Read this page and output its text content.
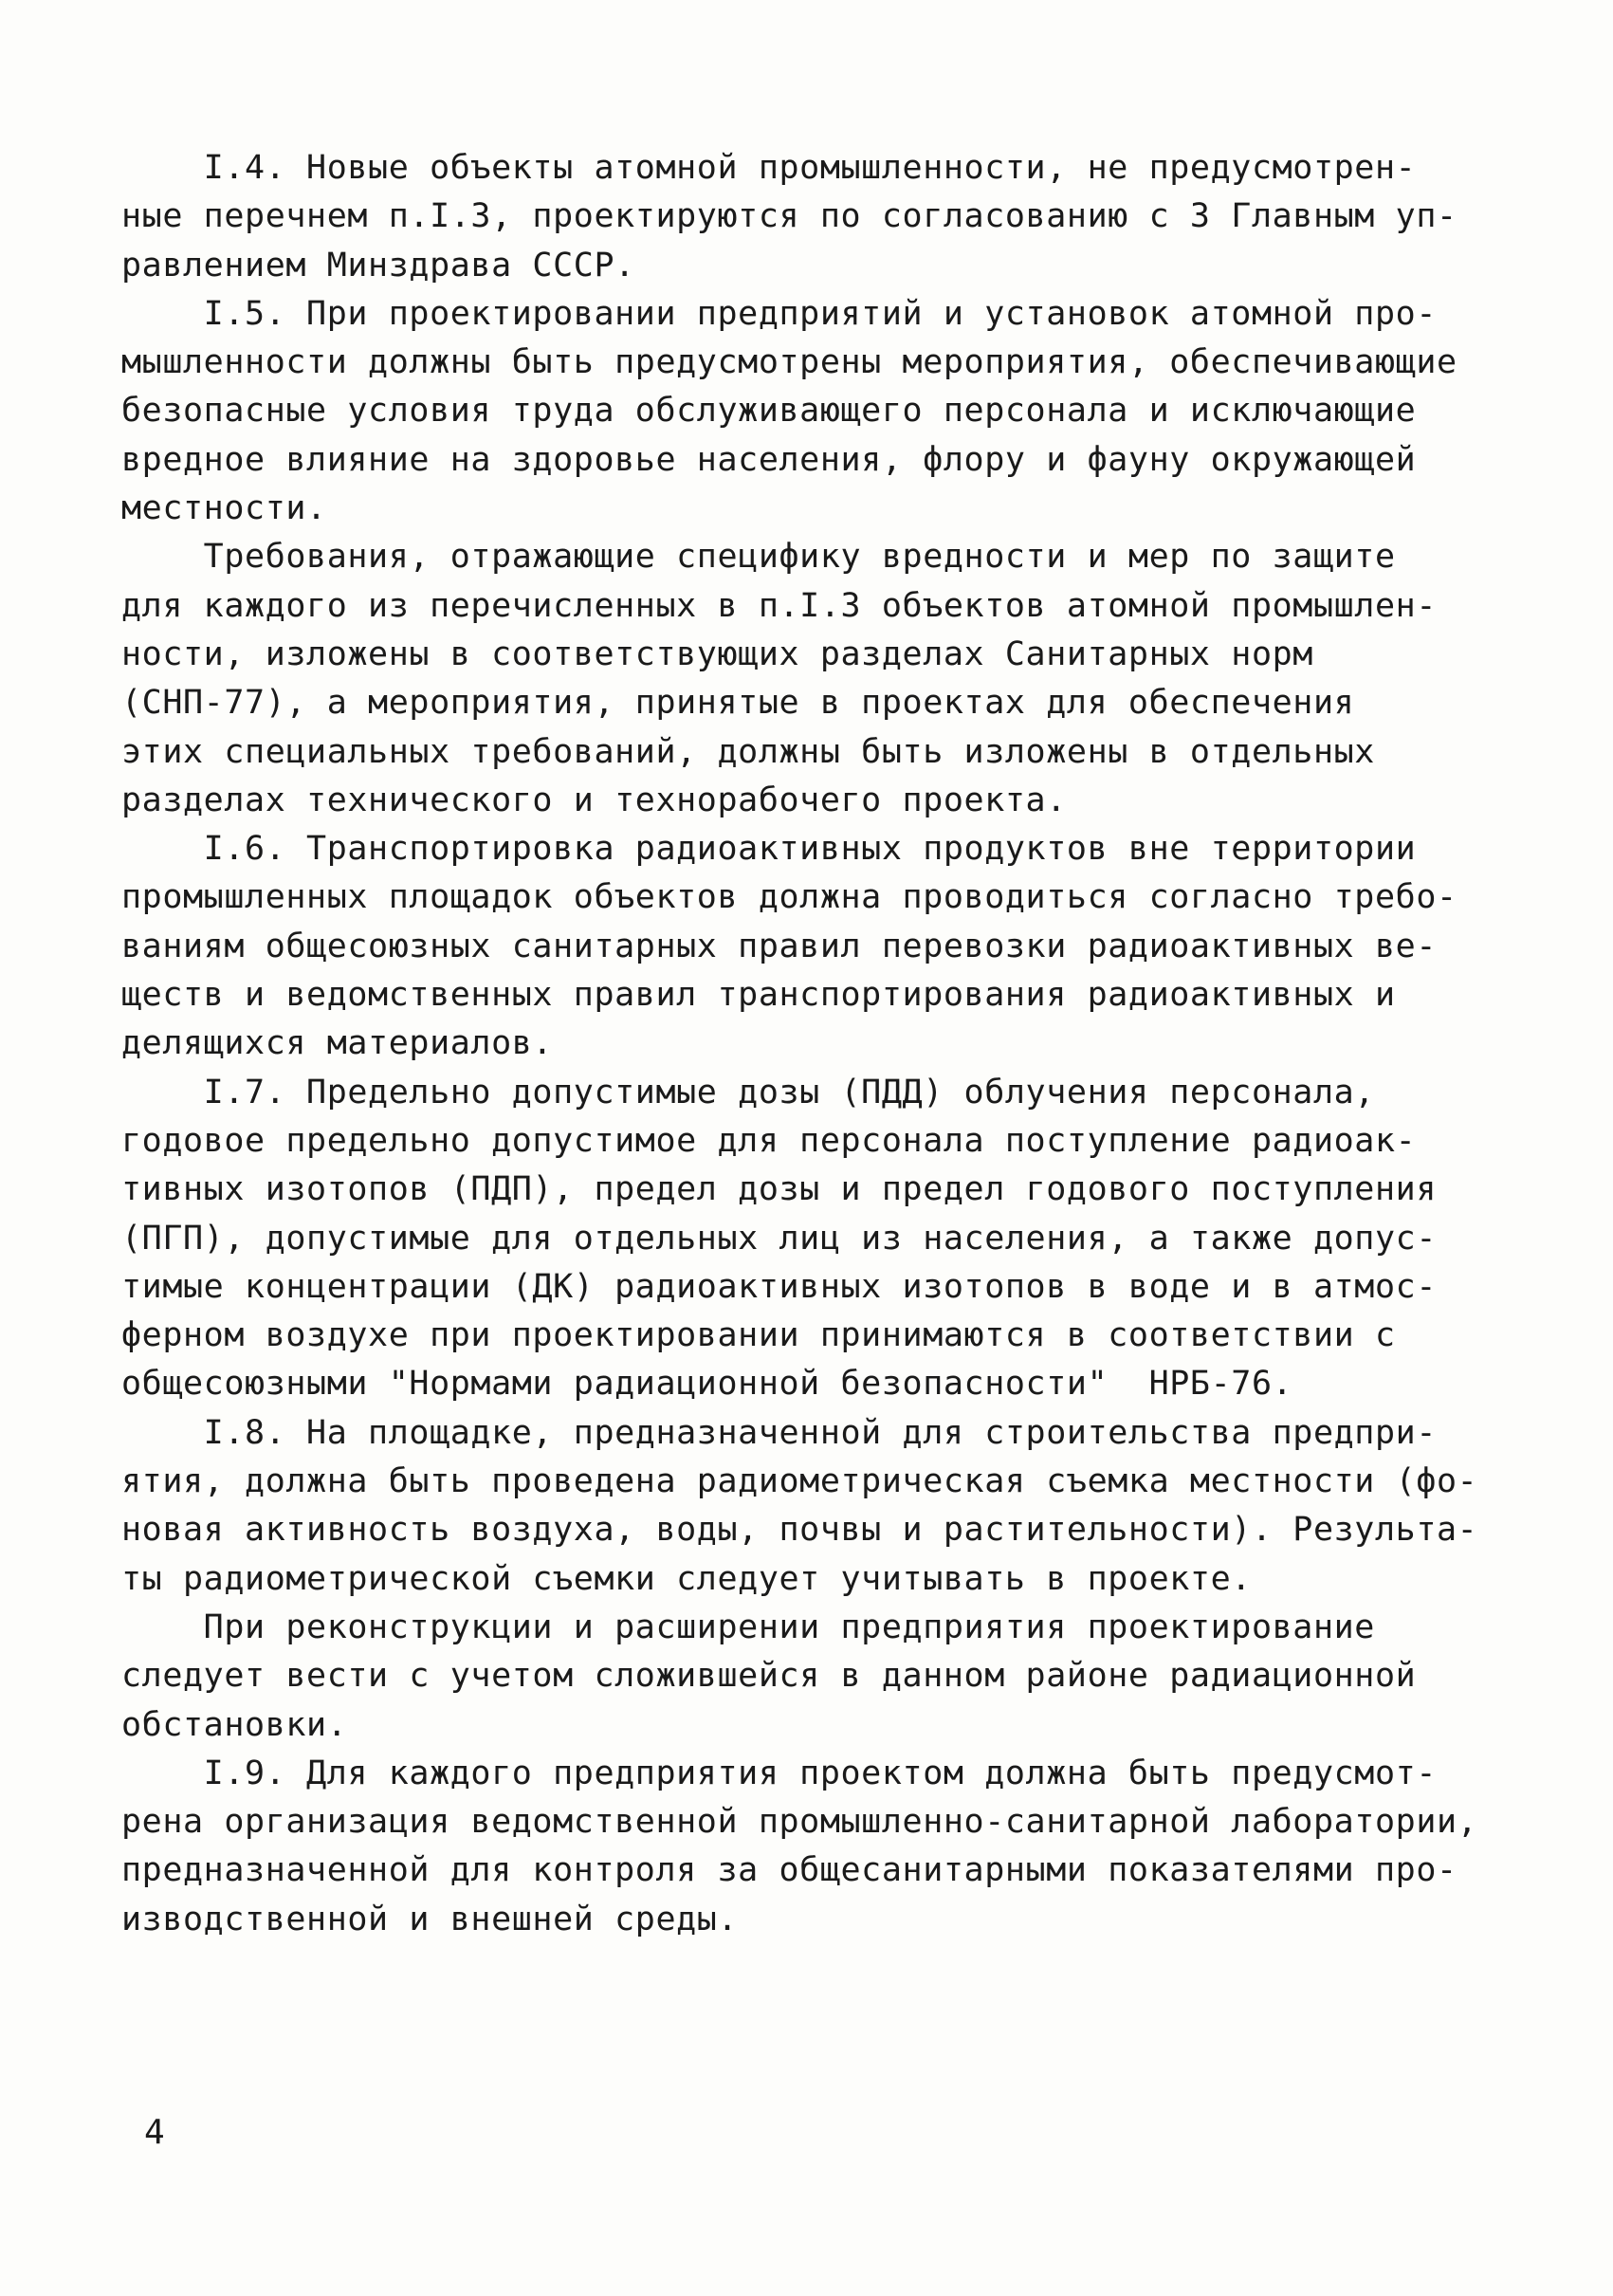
I.4. Новые объекты атомной промышленности, не предусмотрен-
ные перечнем п.I.3, проектируются по согласованию с 3 Главным уп-
равлением Минздрава СССР.
I.5. При проектировании предприятий и установок атомной про-
мышленности должны быть предусмотрены мероприятия, обеспечивающие
безопасные условия труда обслуживающего персонала и исключающие
вредное влияние на здоровье населения, флору и фауну окружающей
местности.
Требования, отражающие специфику вредности и мер по защите
для каждого из перечисленных в п.I.3 объектов атомной промышлен-
ности, изложены в соответствующих разделах Санитарных норм
(СНП-77), а мероприятия, принятые в проектах для обеспечения
этих специальных требований, должны быть изложены в отдельных
разделах технического и технорабочего проекта.
I.6. Транспортировка радиоактивных продуктов вне территории
промышленных площадок объектов должна проводиться согласно требо-
ваниям общесоюзных санитарных правил перевозки радиоактивных ве-
ществ и ведомственных правил транспортирования радиоактивных и
делящихся материалов.
I.7. Предельно допустимые дозы (ПДД) облучения персонала,
годовое предельно допустимое для персонала поступление радиоак-
тивных изотопов (ПДП), предел дозы и предел годового поступления
(ПГП), допустимые для отдельных лиц из населения, а также допус-
тимые концентрации (ДК) радиоактивных изотопов в воде и в атмос-
ферном воздухе при проектировании принимаются в соответствии с
общесоюзными "Нормами радиационной безопасности"  НРБ-76.
I.8. На площадке, предназначенной для строительства предпри-
ятия, должна быть проведена радиометрическая съемка местности (фо-
новая активность воздуха, воды, почвы и растительности). Результа-
ты радиометрической съемки следует учитывать в проекте.
При реконструкции и расширении предприятия проектирование
следует вести с учетом сложившейся в данном районе радиационной
обстановки.
I.9. Для каждого предприятия проектом должна быть предусмот-
рена организация ведомственной промышленно-санитарной лаборатории,
предназначенной для контроля за общесанитарными показателями про-
изводственной и внешней среды.
4
